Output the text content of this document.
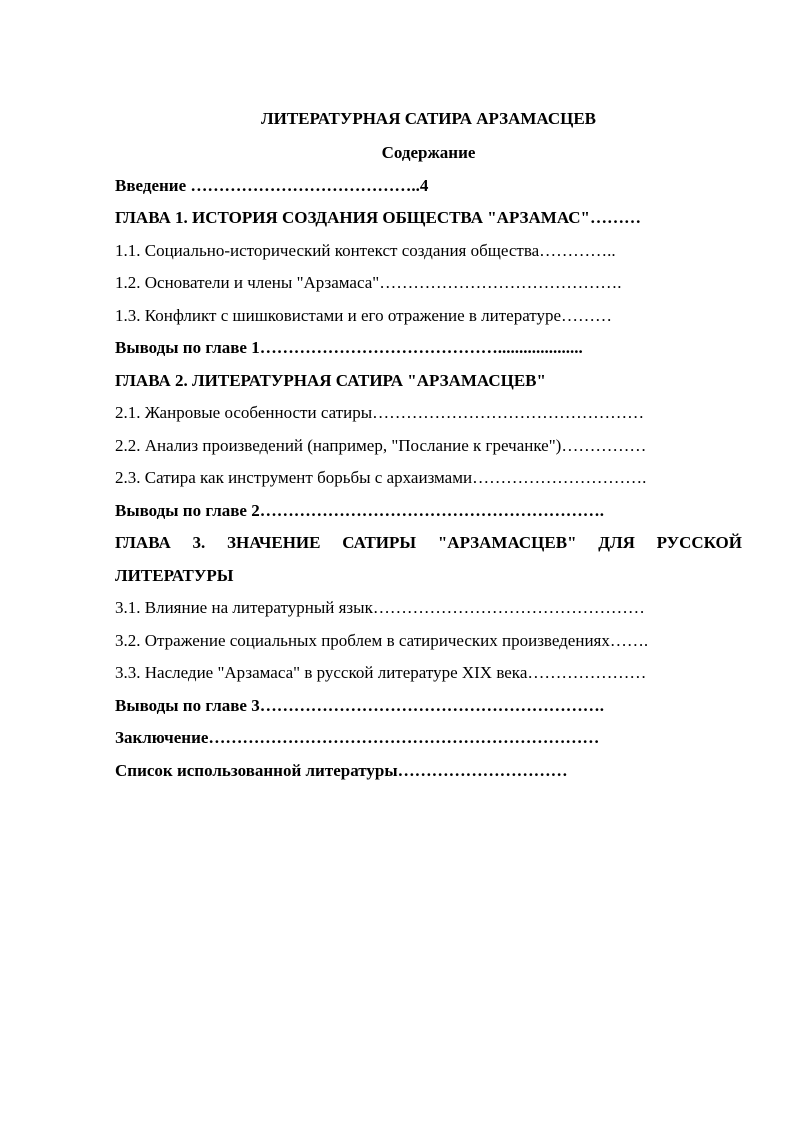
ЛИТЕРАТУРНАЯ САТИРА АРЗАМАСЦЕВ
Содержание
Введение …………………………………..4
ГЛАВА 1. ИСТОРИЯ СОЗДАНИЯ ОБЩЕСТВА "АРЗАМАС"………
1.1. Социально-исторический контекст создания общества…………..
1.2. Основатели и члены "Арзамаса"…………………………………….
1.3. Конфликт с шишковистами и его отражение в литературе………
Выводы по главе 1……………………………………....................
ГЛАВА 2. ЛИТЕРАТУРНАЯ САТИРА "АРЗАМАСЦЕВ"
2.1. Жанровые особенности сатиры…………………………………………
2.2. Анализ произведений (например, "Послание к гречанке")……………
2.3. Сатира как инструмент борьбы с архаизмами………………………….
Выводы по главе 2…………………………………………………….
ГЛАВА 3. ЗНАЧЕНИЕ САТИРЫ "АРЗАМАСЦЕВ" ДЛЯ РУССКОЙ
ЛИТЕРАТУРЫ
3.1. Влияние на литературный язык…………………………………………
3.2. Отражение социальных проблем в сатирических произведениях…….
3.3. Наследие "Арзамаса" в русской литературе XIX века…………………
Выводы по главе 3…………………………………………………….
Заключение……………………………………………………………
Список использованной литературы…………………………
